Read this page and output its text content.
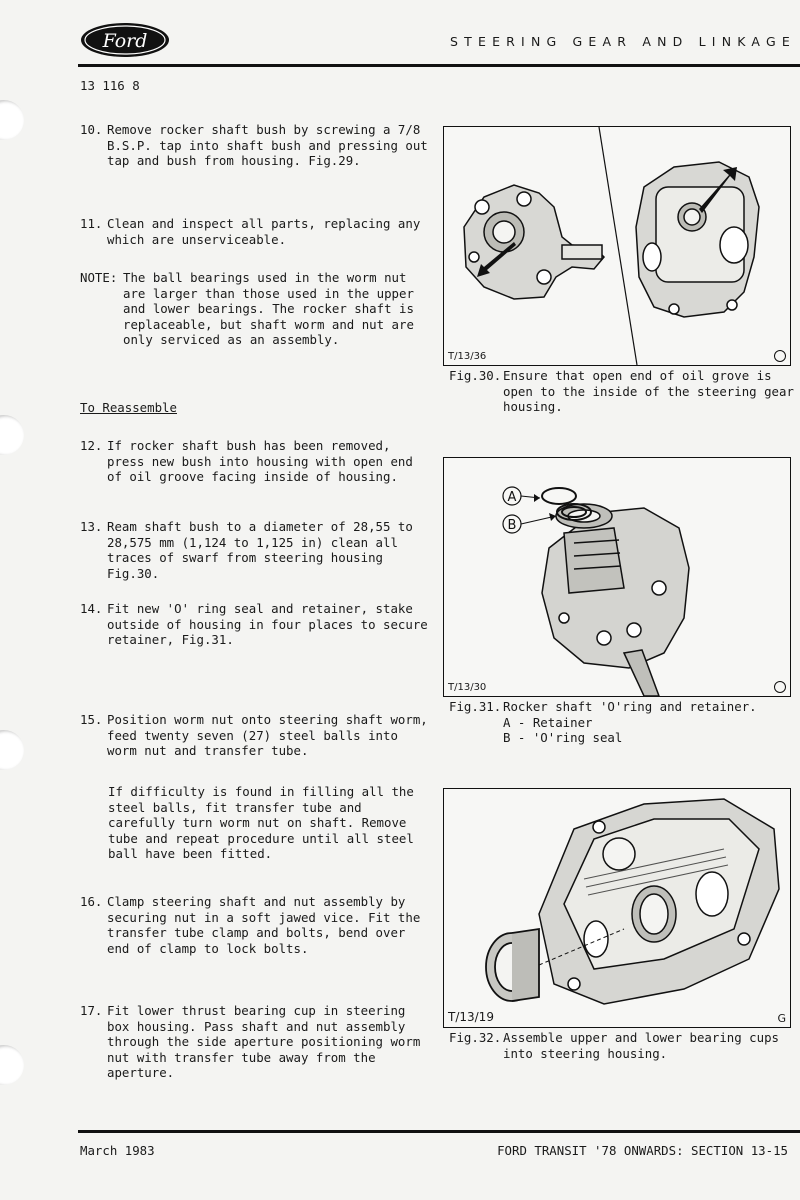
Ford	STEERING GEAR AND LINKAGE
13 116 8
10. Remove rocker shaft bush by screwing a 7/8 B.S.P. tap into shaft bush and pressing out tap and bush from housing. Fig.29.
11. Clean and inspect all parts, replacing any which are unserviceable.
NOTE: The ball bearings used in the worm nut are larger than those used in the upper and lower bearings. The rocker shaft is replaceable, but shaft worm and nut are only serviced as an assembly.
To Reassemble
12. If rocker shaft bush has been removed, press new bush into housing with open end of oil groove facing inside of housing.
13. Ream shaft bush to a diameter of 28,55 to 28,575 mm (1,124 to 1,125 in) clean all traces of swarf from steering housing Fig.30.
14. Fit new 'O' ring seal and retainer, stake outside of housing in four places to secure retainer, Fig.31.
15. Position worm nut onto steering shaft worm, feed twenty seven (27) steel balls into worm nut and transfer tube.
If difficulty is found in filling all the steel balls, fit transfer tube and carefully turn worm nut on shaft. Remove tube and repeat procedure until all steel ball have been fitted.
16. Clamp steering shaft and nut assembly by securing nut in a soft jawed vice. Fit the transfer tube clamp and bolts, bend over end of clamp to lock bolts.
17. Fit lower thrust bearing cup in steering box housing. Pass shaft and nut assembly through the side aperture positioning worm nut with transfer tube away from the aperture.
T/13/36
Fig.30. Ensure that open end of oil grove is open to the inside of the steering gear housing.
A
B
T/13/30
Fig.31. Rocker shaft 'O'ring and retainer.
A - Retainer
B - 'O'ring seal
T/13/19	G
Fig.32. Assemble upper and lower bearing cups into steering housing.
March 1983	FORD TRANSIT '78 ONWARDS: SECTION 13-15
